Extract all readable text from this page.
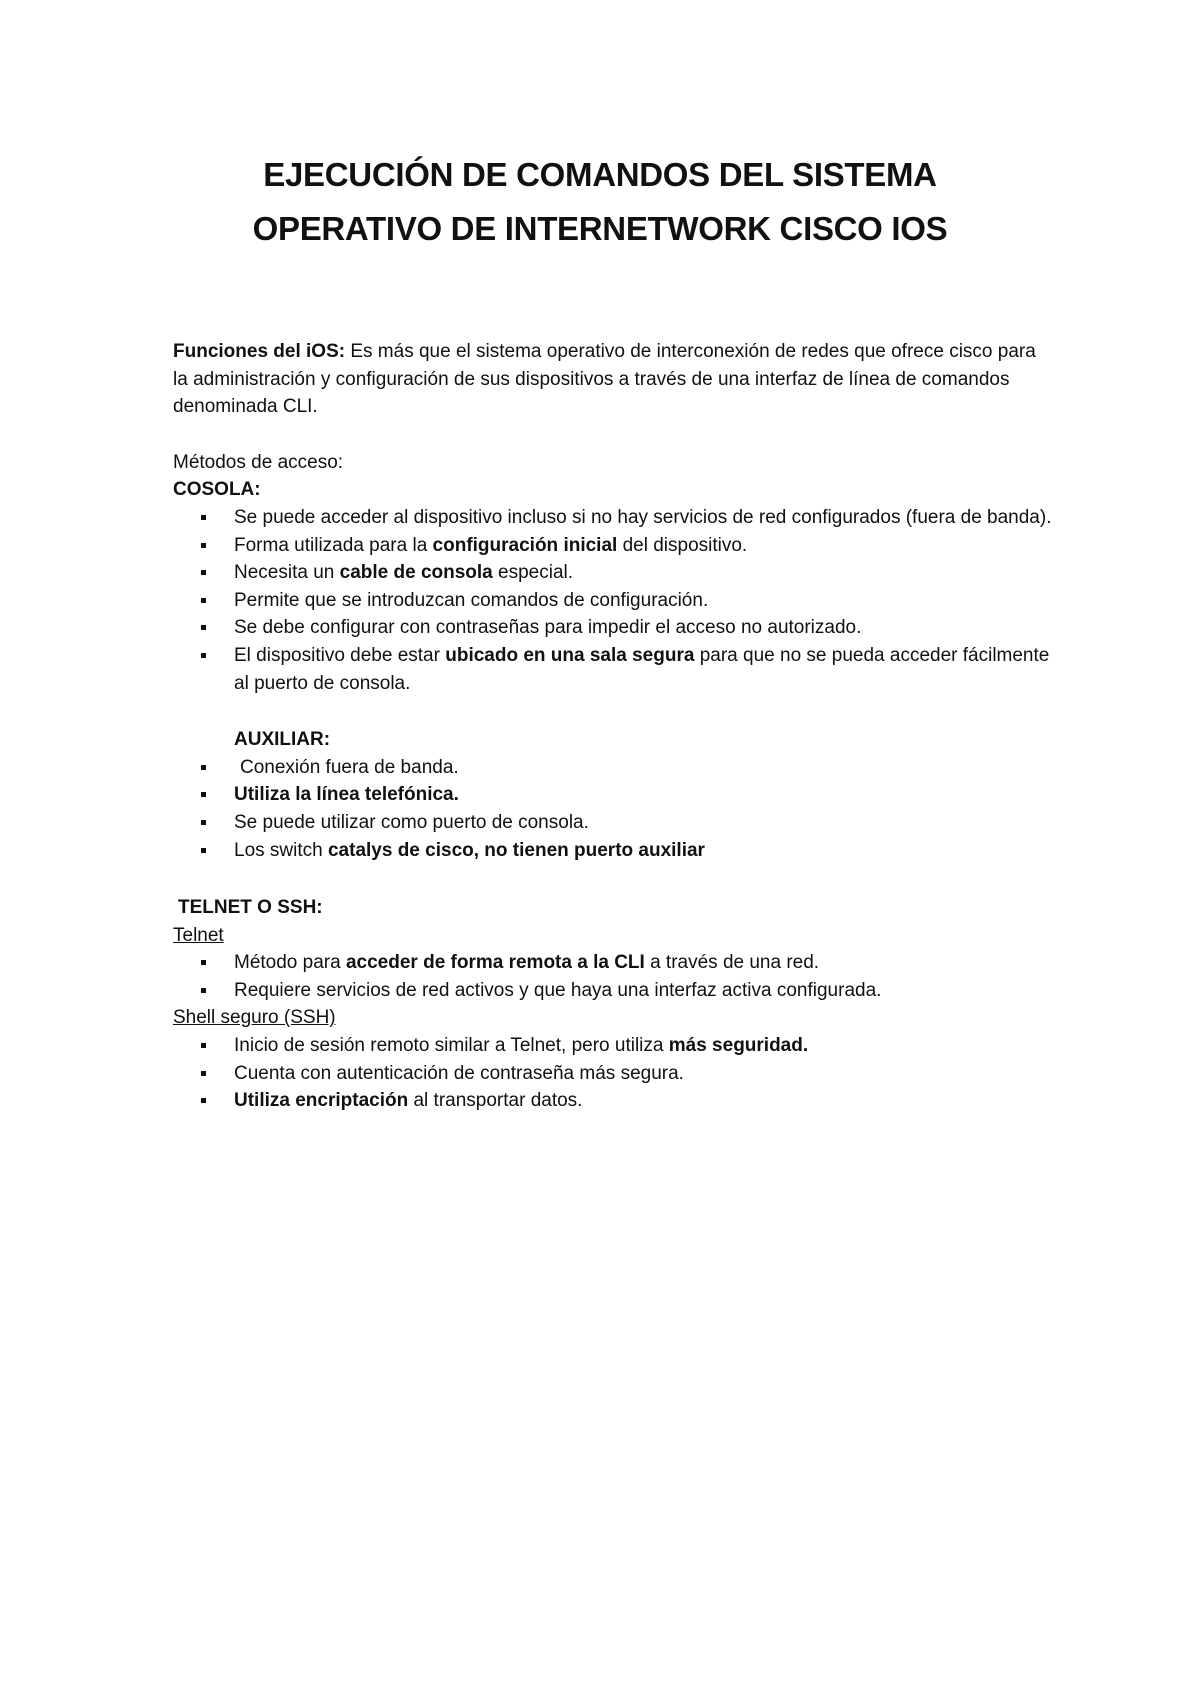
EJECUCIÓN DE COMANDOS DEL SISTEMA
OPERATIVO DE INTERNETWORK CISCO IOS

Funciones del iOS: Es más que el sistema operativo de interconexión de redes que ofrece cisco para la administración y configuración de sus dispositivos a través de una interfaz de línea de comandos denominada CLI.

Métodos de acceso:

COSOLA:

Se puede acceder al dispositivo incluso si no hay servicios de red configurados (fuera de banda).
Forma utilizada para la configuración inicial del dispositivo.
Necesita un cable de consola especial.
Permite que se introduzcan comandos de configuración.
Se debe configurar con contraseñas para impedir el acceso no autorizado.
El dispositivo debe estar ubicado en una sala segura para que no se pueda acceder fácilmente al puerto de consola.

AUXILIAR:

Conexión fuera de banda.
Utiliza la línea telefónica.
Se puede utilizar como puerto de consola.
Los switch catalys de cisco, no tienen puerto auxiliar

TELNET O SSH:

Telnet

Método para acceder de forma remota a la CLI a través de una red.
Requiere servicios de red activos y que haya una interfaz activa configurada.

Shell seguro (SSH)

Inicio de sesión remoto similar a Telnet, pero utiliza más seguridad.
Cuenta con autenticación de contraseña más segura.
Utiliza encriptación al transportar datos.
